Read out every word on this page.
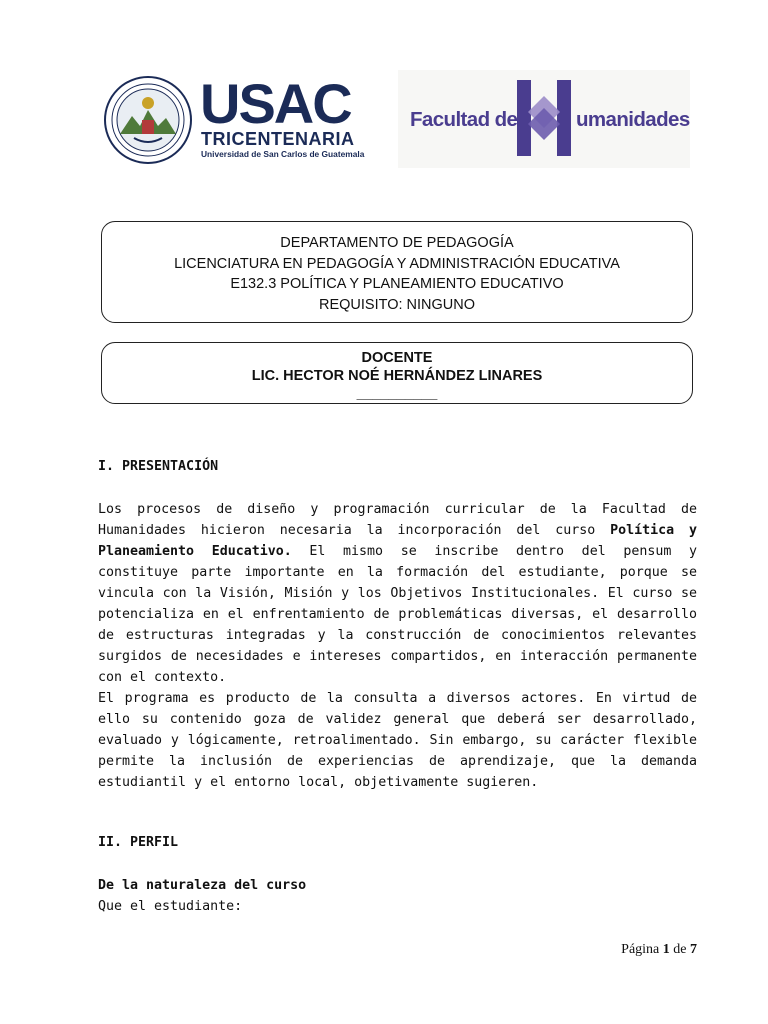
USAC
TRICENTENARIA
Universidad de San Carlos de Guatemala
Facultad de	umanidades
DEPARTAMENTO DE PEDAGOGÍA
LICENCIATURA EN PEDAGOGÍA Y ADMINISTRACIÓN EDUCATIVA
E132.3 POLÍTICA Y PLANEAMIENTO EDUCATIVO
REQUISITO: NINGUNO
DOCENTE
LIC. HECTOR NOÉ HERNÁNDEZ LINARES
__________
I. PRESENTACIÓN

Los procesos de diseño y programación curricular de la Facultad de Humanidades hicieron necesaria la incorporación del curso Política y Planeamiento Educativo. El mismo se inscribe dentro del pensum y constituye parte importante en la formación del estudiante, porque se vincula con la Visión, Misión y los Objetivos Institucionales. El curso se potencializa en el enfrentamiento de problemáticas diversas, el desarrollo de estructuras integradas y la construcción de conocimientos relevantes surgidos de necesidades e intereses compartidos, en interacción permanente con el contexto.

El programa es producto de la consulta a diversos actores. En virtud de ello su contenido goza de validez general que deberá ser desarrollado, evaluado y lógicamente, retroalimentado. Sin embargo, su carácter flexible permite la inclusión de experiencias de aprendizaje, que la demanda estudiantil y el entorno local, objetivamente sugieren.

II. PERFIL
De la naturaleza del curso
Que el estudiante:
Página 1 de 7
